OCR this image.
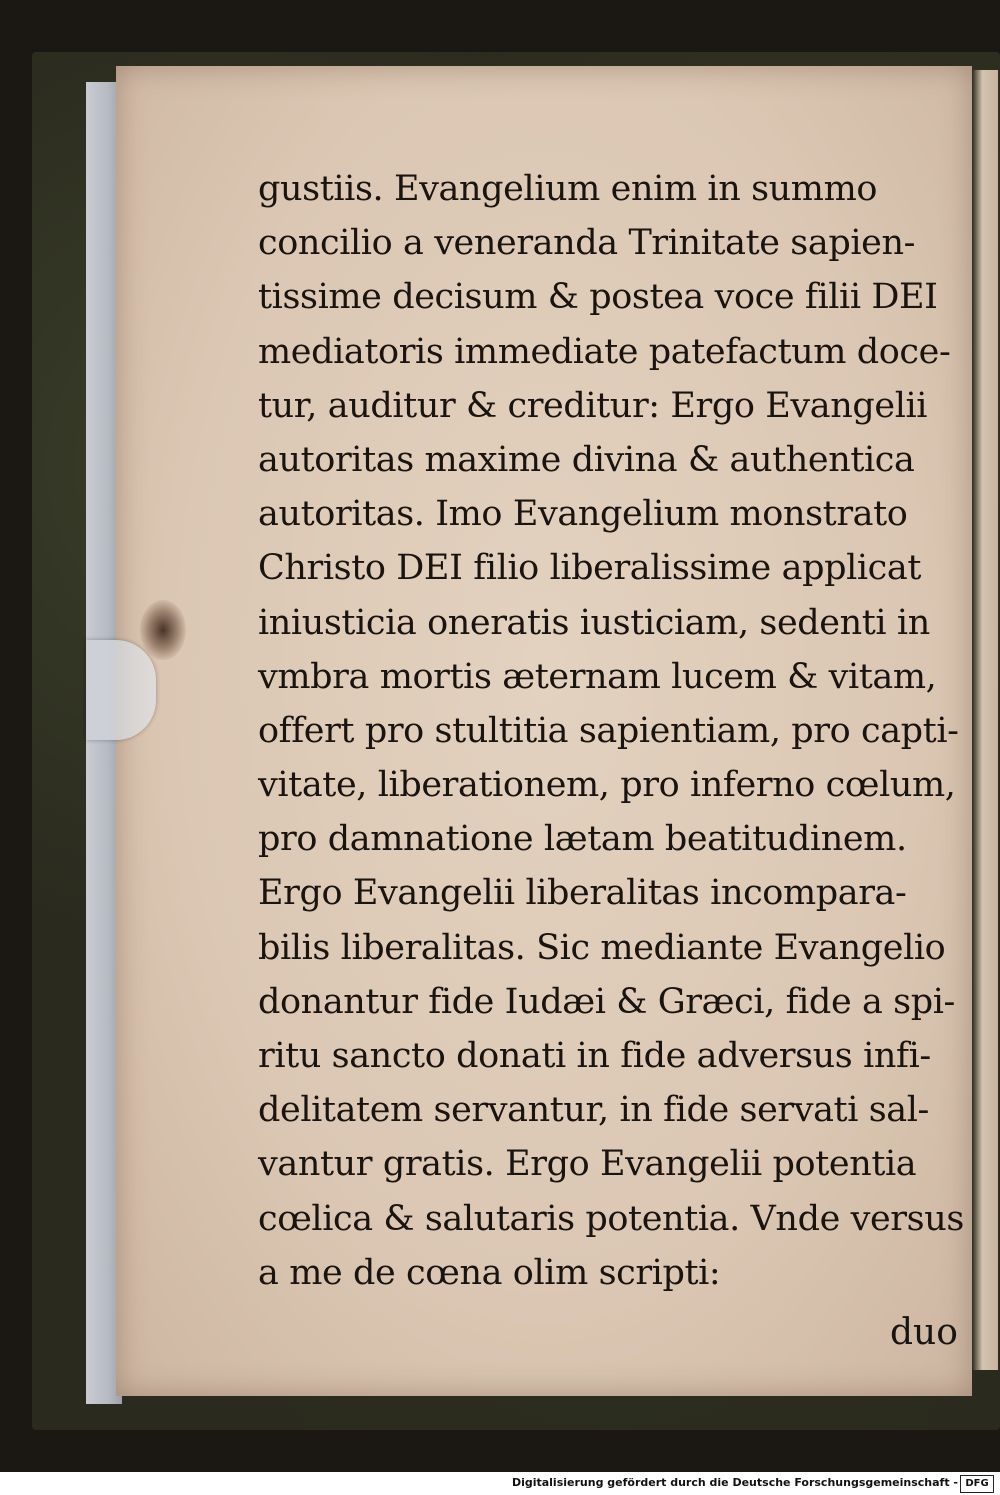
gustiis. Evangelium enim in summo
concilio a veneranda Trinitate sapien-
tissime decisum & postea voce filii DEI
mediatoris immediate patefactum doce-
tur, auditur & creditur: Ergo Evangelii
autoritas maxime divina & authentica
autoritas. Imo Evangelium monstrato
Christo DEI filio liberalissime applicat
iniusticia oneratis iusticiam, sedenti in
vmbra mortis æternam lucem & vitam,
offert pro stultitia sapientiam, pro capti-
vitate, liberationem, pro inferno cœlum,
pro damnatione lætam beatitudinem.
Ergo Evangelii liberalitas incompara-
bilis liberalitas. Sic mediante Evangelio
donantur fide Iudæi & Græci, fide a spi-
ritu sancto donati in fide adversus infi-
delitatem servantur, in fide servati sal-
vantur gratis. Ergo Evangelii potentia
cœlica & salutaris potentia. Vnde versus
a me de cœna olim scripti:
duo
Digitalisierung gefördert durch die Deutsche Forschungsgemeinschaft - DFG
